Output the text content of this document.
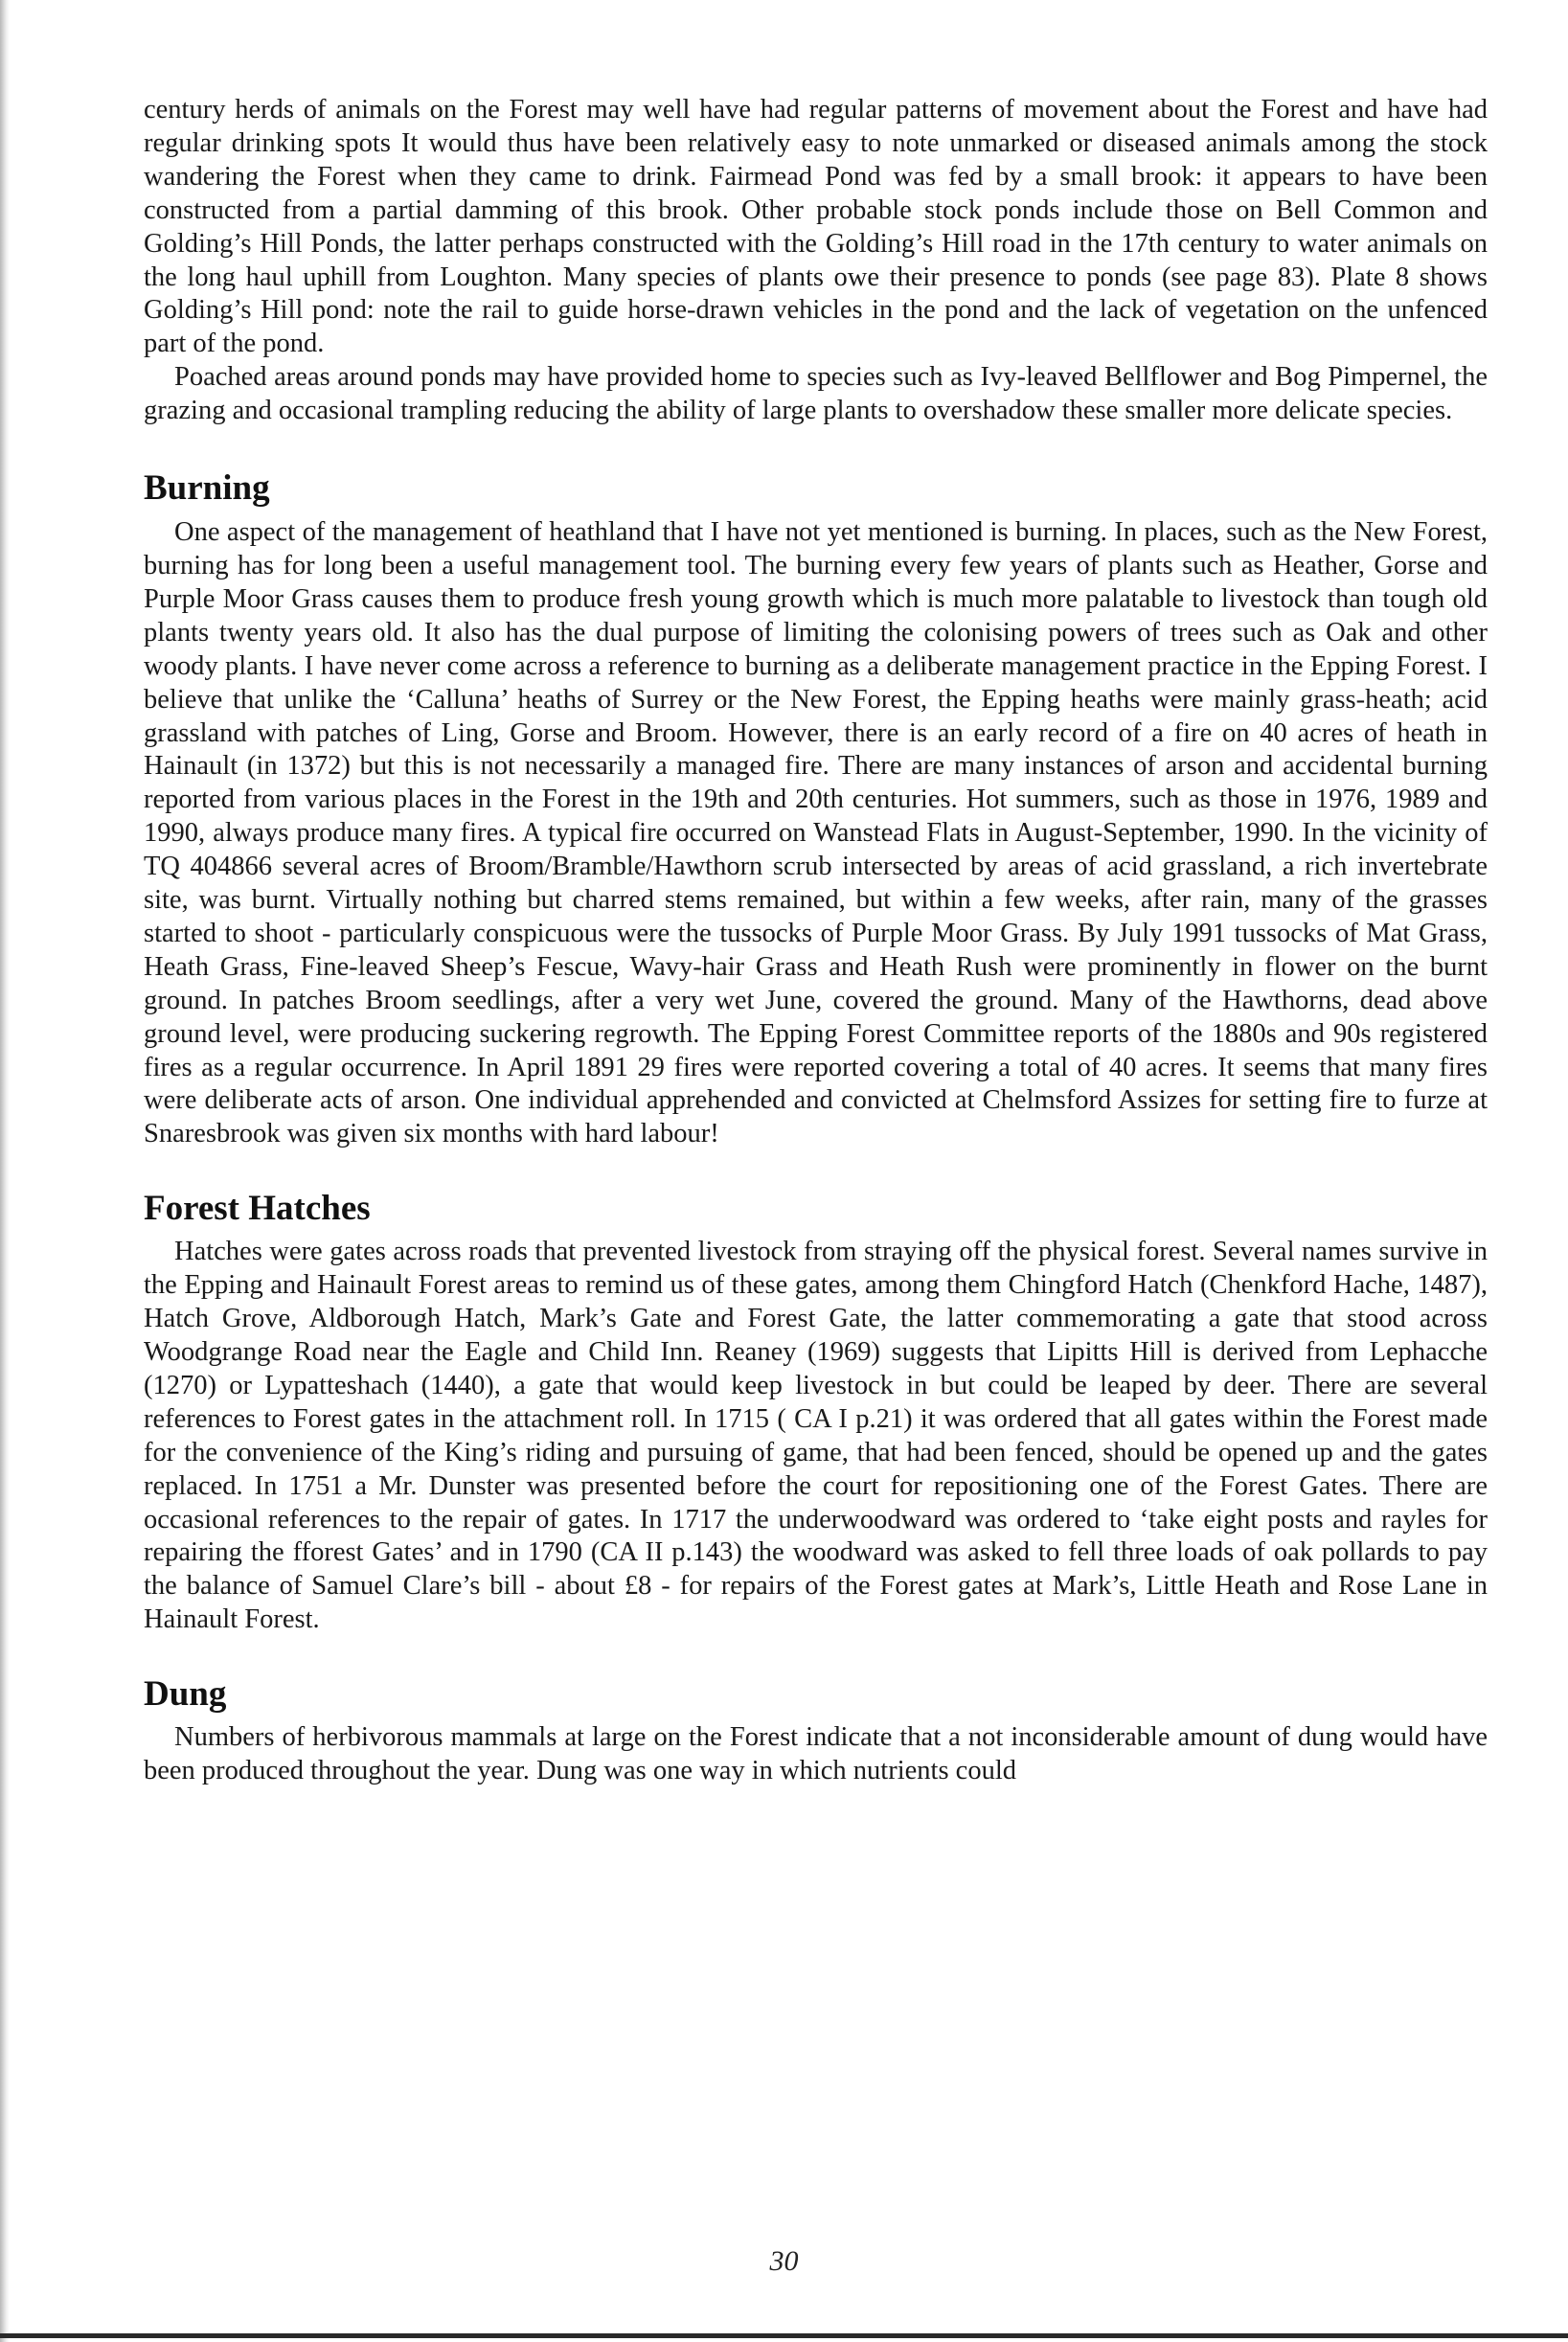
century herds of animals on the Forest may well have had regular patterns of movement about the Forest and have had regular drinking spots It would thus have been relatively easy to note unmarked or diseased animals among the stock wandering the Forest when they came to drink. Fairmead Pond was fed by a small brook: it appears to have been constructed from a partial damming of this brook. Other probable stock ponds include those on Bell Common and Golding’s Hill Ponds, the latter perhaps constructed with the Golding’s Hill road in the 17th century to water animals on the long haul uphill from Loughton. Many species of plants owe their presence to ponds (see page 83). Plate 8 shows Golding’s Hill pond: note the rail to guide horse-drawn vehicles in the pond and the lack of vegetation on the unfenced part of the pond.

Poached areas around ponds may have provided home to species such as Ivy-leaved Bellflower and Bog Pimpernel, the grazing and occasional trampling reducing the ability of large plants to overshadow these smaller more delicate species.

Burning

One aspect of the management of heathland that I have not yet mentioned is burning. In places, such as the New Forest, burning has for long been a useful management tool. The burning every few years of plants such as Heather, Gorse and Purple Moor Grass causes them to produce fresh young growth which is much more palatable to livestock than tough old plants twenty years old. It also has the dual purpose of limiting the colonising powers of trees such as Oak and other woody plants. I have never come across a reference to burning as a deliberate management practice in the Epping Forest. I believe that unlike the ‘Calluna’ heaths of Surrey or the New Forest, the Epping heaths were mainly grass-heath; acid grassland with patches of Ling, Gorse and Broom. However, there is an early record of a fire on 40 acres of heath in Hainault (in 1372) but this is not necessarily a managed fire. There are many instances of arson and accidental burning reported from various places in the Forest in the 19th and 20th centuries. Hot summers, such as those in 1976, 1989 and 1990, always produce many fires. A typical fire occurred on Wanstead Flats in August-September, 1990. In the vicinity of TQ 404866 several acres of Broom/Bramble/Hawthorn scrub intersected by areas of acid grassland, a rich invertebrate site, was burnt. Virtually nothing but charred stems remained, but within a few weeks, after rain, many of the grasses started to shoot - particularly conspicuous were the tussocks of Purple Moor Grass. By July 1991 tussocks of Mat Grass, Heath Grass, Fine-leaved Sheep’s Fescue, Wavy-hair Grass and Heath Rush were prominently in flower on the burnt ground. In patches Broom seedlings, after a very wet June, covered the ground. Many of the Hawthorns, dead above ground level, were producing suckering regrowth. The Epping Forest Committee reports of the 1880s and 90s registered fires as a regular occurrence. In April 1891 29 fires were reported covering a total of 40 acres. It seems that many fires were deliberate acts of arson. One individual apprehended and convicted at Chelmsford Assizes for setting fire to furze at Snaresbrook was given six months with hard labour!

Forest Hatches

Hatches were gates across roads that prevented livestock from straying off the physical forest. Several names survive in the Epping and Hainault Forest areas to remind us of these gates, among them Chingford Hatch (Chenkford Hache, 1487), Hatch Grove, Aldborough Hatch, Mark’s Gate and Forest Gate, the latter commemorating a gate that stood across Woodgrange Road near the Eagle and Child Inn. Reaney (1969) suggests that Lipitts Hill is derived from Lephacche (1270) or Lypatteshach (1440), a gate that would keep livestock in but could be leaped by deer. There are several references to Forest gates in the attachment roll. In 1715 ( CA I p.21) it was ordered that all gates within the Forest made for the convenience of the King’s riding and pursuing of game, that had been fenced, should be opened up and the gates replaced. In 1751 a Mr. Dunster was presented before the court for repositioning one of the Forest Gates. There are occasional references to the repair of gates. In 1717 the underwoodward was ordered to ‘take eight posts and rayles for repairing the fforest Gates’ and in 1790 (CA II p.143) the woodward was asked to fell three loads of oak pollards to pay the balance of Samuel Clare’s bill - about £8 - for repairs of the Forest gates at Mark’s, Little Heath and Rose Lane in Hainault Forest.

Dung

Numbers of herbivorous mammals at large on the Forest indicate that a not inconsiderable amount of dung would have been produced throughout the year. Dung was one way in which nutrients could

30
